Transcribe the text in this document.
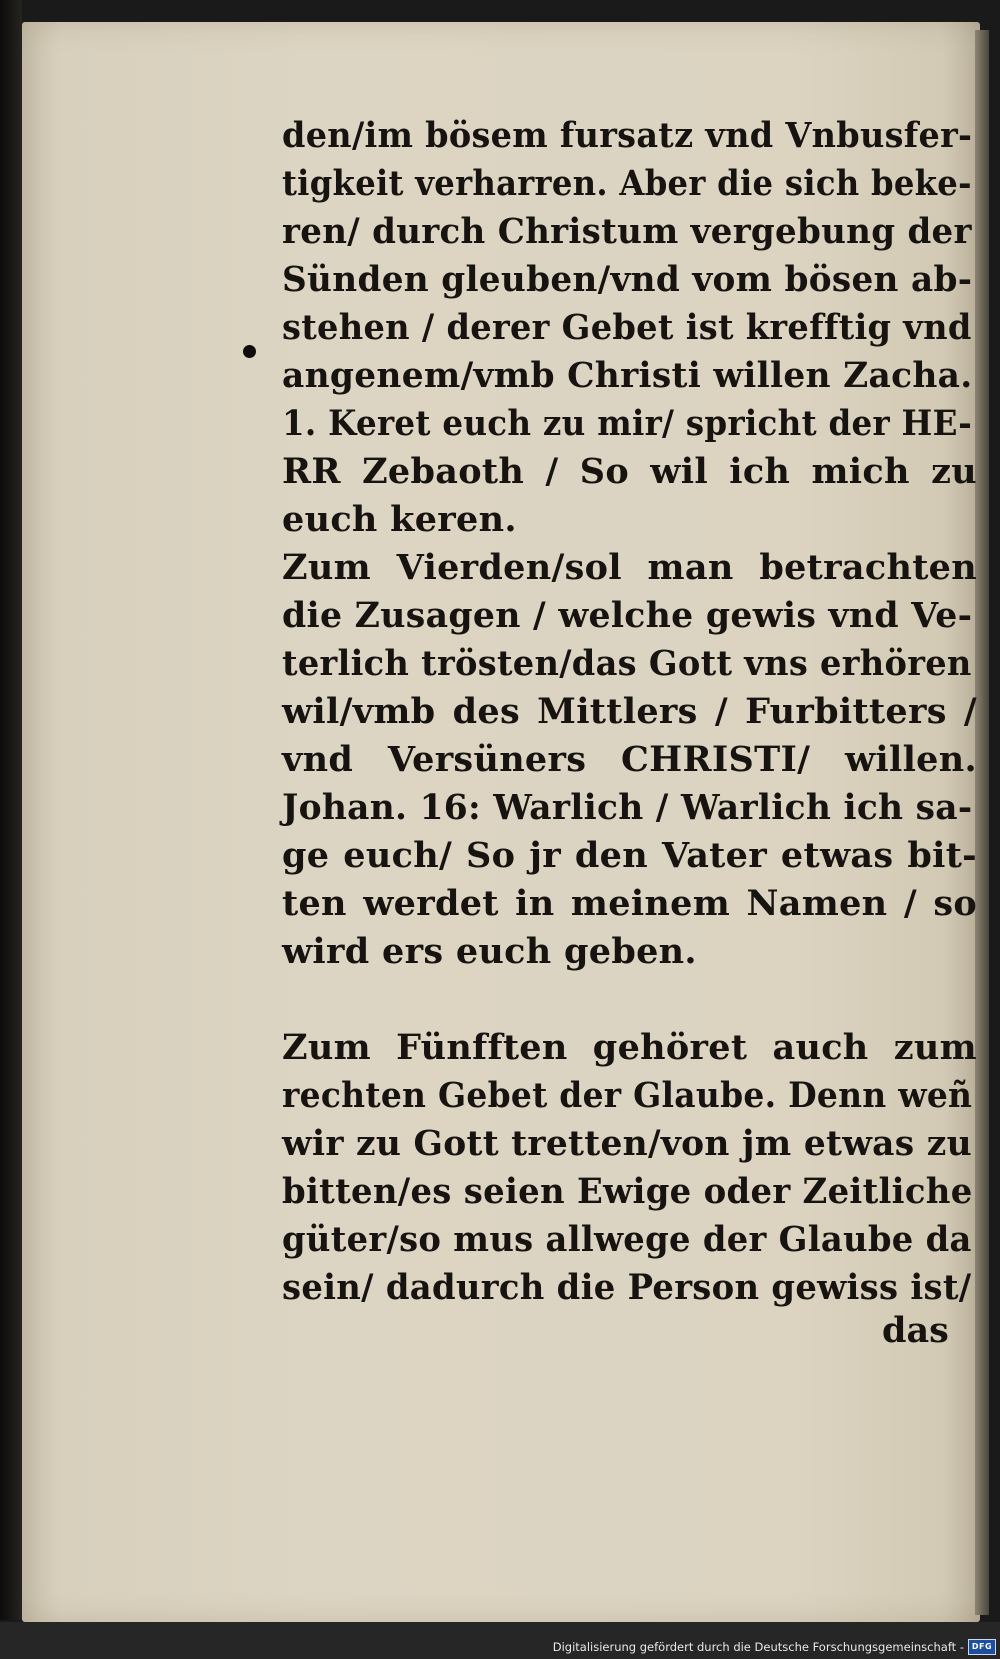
den/im bösem fursatz vnd Vnbusfer-
tigkeit verharren. Aber die sich beke-
ren/ durch Christum vergebung der
Sünden gleuben/vnd vom bösen ab-
stehen / derer Gebet ist krefftig vnd
angenem/vmb Christi willen Zacha.
1. Keret euch zu mir/ spricht der HE-
RR Zebaoth / So wil ich mich zu
euch keren.
Zum Vierden/sol man betrachten
die Zusagen / welche gewis vnd Ve-
terlich trösten/das Gott vns erhören
wil/vmb des Mittlers / Furbitters /
vnd Versüners CHRISTI/ willen.
Johan. 16: Warlich / Warlich ich sa-
ge euch/ So jr den Vater etwas bit-
ten werdet in meinem Namen / so
wird ers euch geben.
Zum Fünfften gehöret auch zum
rechten Gebet der Glaube. Denn weñ
wir zu Gott tretten/von jm etwas zu
bitten/es seien Ewige oder Zeitliche
güter/so mus allwege der Glaube da
sein/ dadurch die Person gewiss ist/
das
Digitalisierung gefördert durch die Deutsche Forschungsgemeinschaft - DFG
